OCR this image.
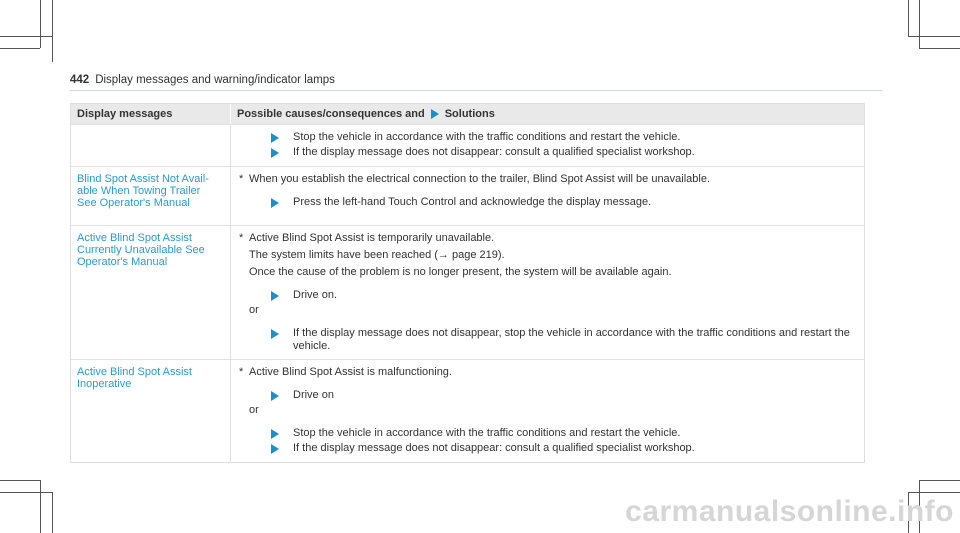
442 Display messages and warning/indicator lamps
Display messages	Possible causes/consequences and Solutions
Stop the vehicle in accordance with the traffic conditions and restart the vehicle.
If the display message does not disappear: consult a qualified specialist workshop.
Blind Spot Assist Not Avail-able When Towing Trailer See Operator's Manual
* When you establish the electrical connection to the trailer, Blind Spot Assist will be unavailable.
Press the left-hand Touch Control and acknowledge the display message.
Active Blind Spot Assist Currently Unavailable See Operator's Manual
* Active Blind Spot Assist is temporarily unavailable.
The system limits have been reached (→ page 219).
Once the cause of the problem is no longer present, the system will be available again.
Drive on.
or
If the display message does not disappear, stop the vehicle in accordance with the traffic conditions and restart the vehicle.
Active Blind Spot Assist Inoperative
* Active Blind Spot Assist is malfunctioning.
Drive on
or
Stop the vehicle in accordance with the traffic conditions and restart the vehicle.
If the display message does not disappear: consult a qualified specialist workshop.
carmanualsonline.info
